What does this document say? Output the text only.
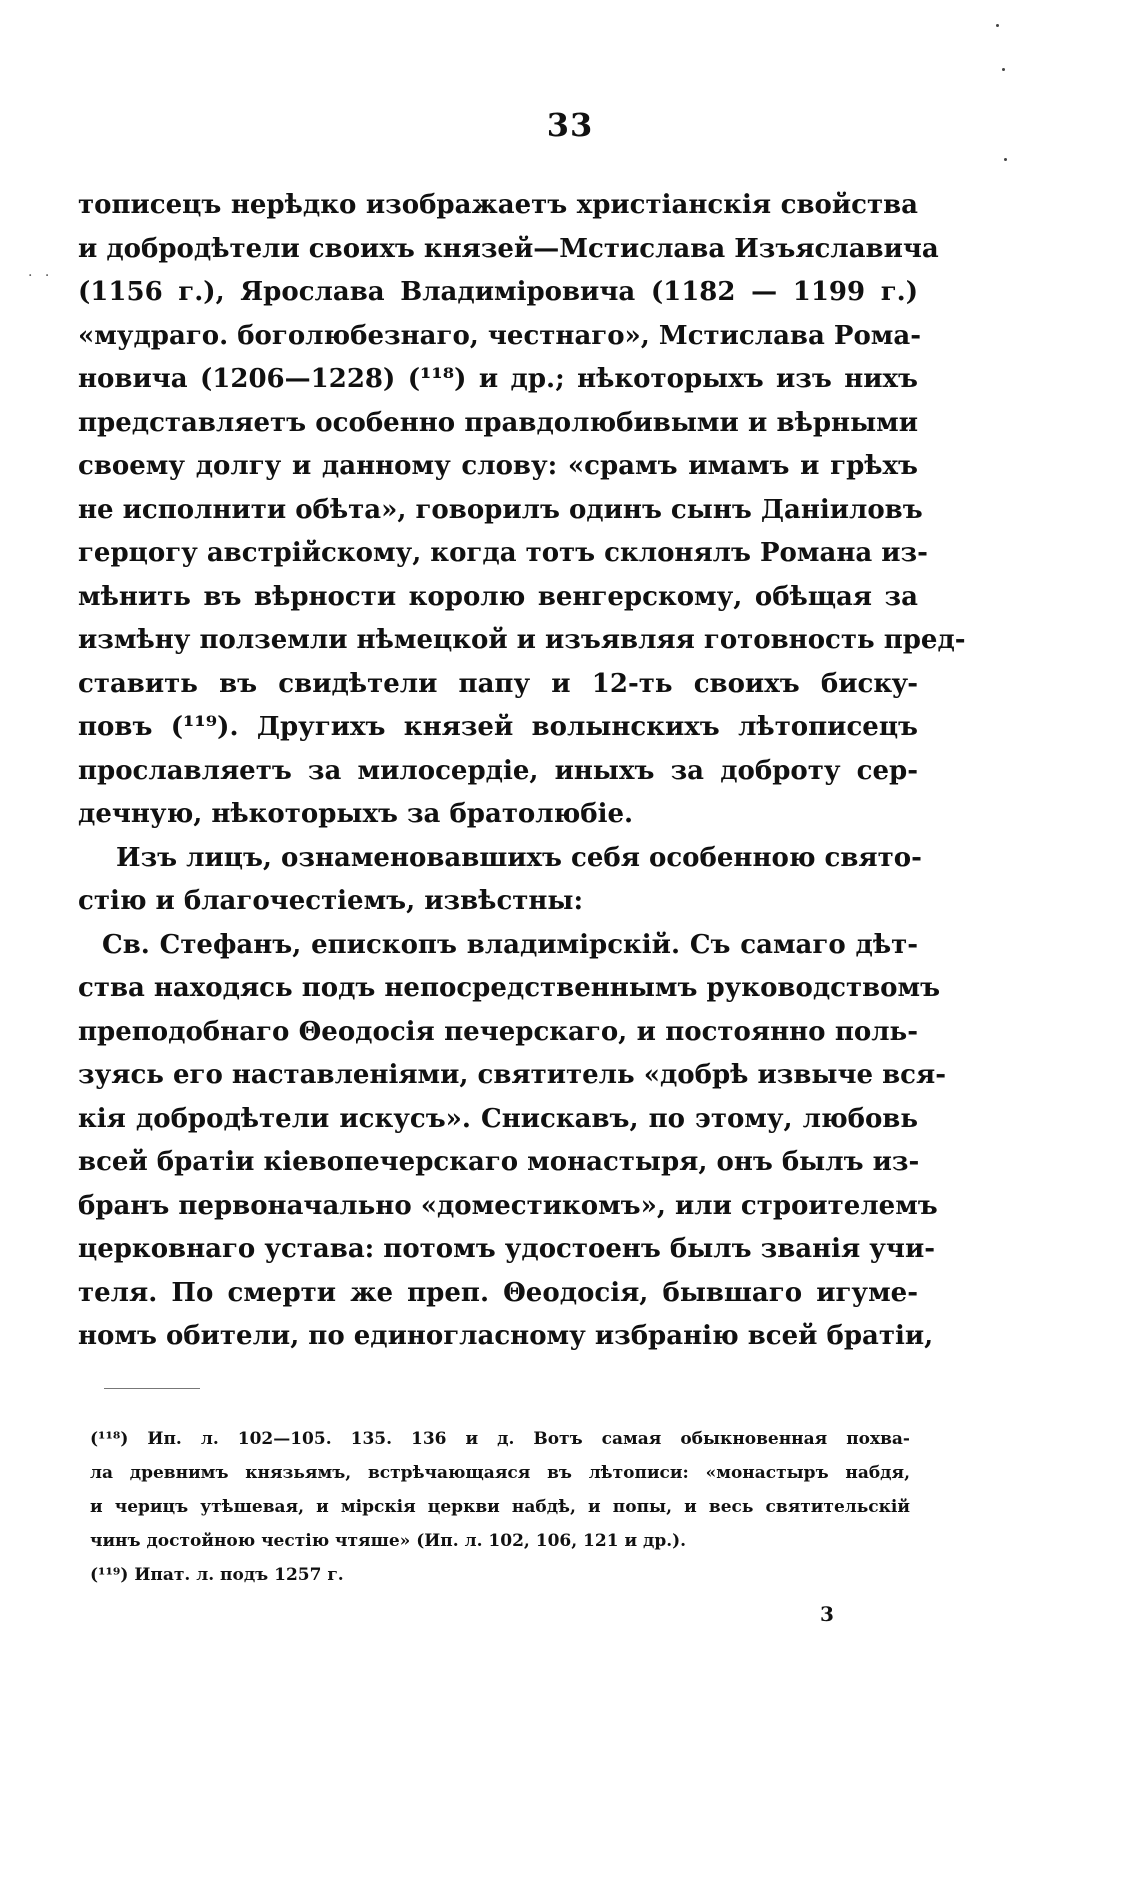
33
· ·
тописецъ нерѣдко изображаетъ христіанскія свойства
и добродѣтели своихъ князей—Мстислава Изъяславича
(1156 г.), Ярослава Владиміровича (1182 — 1199 г.)
«мудраго. боголюбезнаго, честнаго», Мстислава Рома-
новича (1206—1228) (¹¹⁸) и др.; нѣкоторыхъ изъ нихъ
представляетъ особенно правдолюбивыми и вѣрными
своему долгу и данному слову: «срамъ имамъ и грѣхъ
не исполнити обѣта», говорилъ одинъ сынъ Даніиловъ
герцогу австрійскому, когда тотъ склонялъ Романа из-
мѣнить въ вѣрности королю венгерскому, обѣщая за
измѣну полземли нѣмецкой и изъявляя готовность пред-
ставить въ свидѣтели папу и 12-ть своихъ бискy-
повъ (¹¹⁹). Другихъ князей волынскихъ лѣтописецъ
прославляетъ за милосердіе, иныхъ за доброту сер-
дечную, нѣкоторыхъ за братолюбіе.
Изъ лицъ, ознаменовавшихъ себя особенною свято-
стію и благочестіемъ, извѣстны:
Св. Стефанъ, епископъ владимірскій. Съ самаго дѣт-
ства находясь подъ непосредственнымъ руководствомъ
преподобнаго Θеодосія печерскаго, и постоянно поль-
зуясь его наставленіями, святитель «добрѣ извыче вся-
кія добродѣтели искусъ». Снискавъ, по этому, любовь
всей братіи кіевопечерскаго монастыря, онъ былъ из-
бранъ первоначально «доместикомъ», или строителемъ
церковнаго устава: потомъ удостоенъ былъ званія учи-
теля. По смерти же преп. Θеодосія, бывшаго игуме-
номъ обители, по единогласному избранію всей братіи,
(¹¹⁸) Ип. л. 102—105. 135. 136 и д. Вотъ самая обыкновенная похва-
ла древнимъ князьямъ, встрѣчающаяся въ лѣтописи: «монастыръ набдя,
и черицъ утѣшевая, и мірскія церкви набдѣ, и попы, и весь святительскій
чинъ достойною честію чтяше» (Ип. л. 102, 106, 121 и др.).
(¹¹⁹) Ипат. л. подъ 1257 г.
3
